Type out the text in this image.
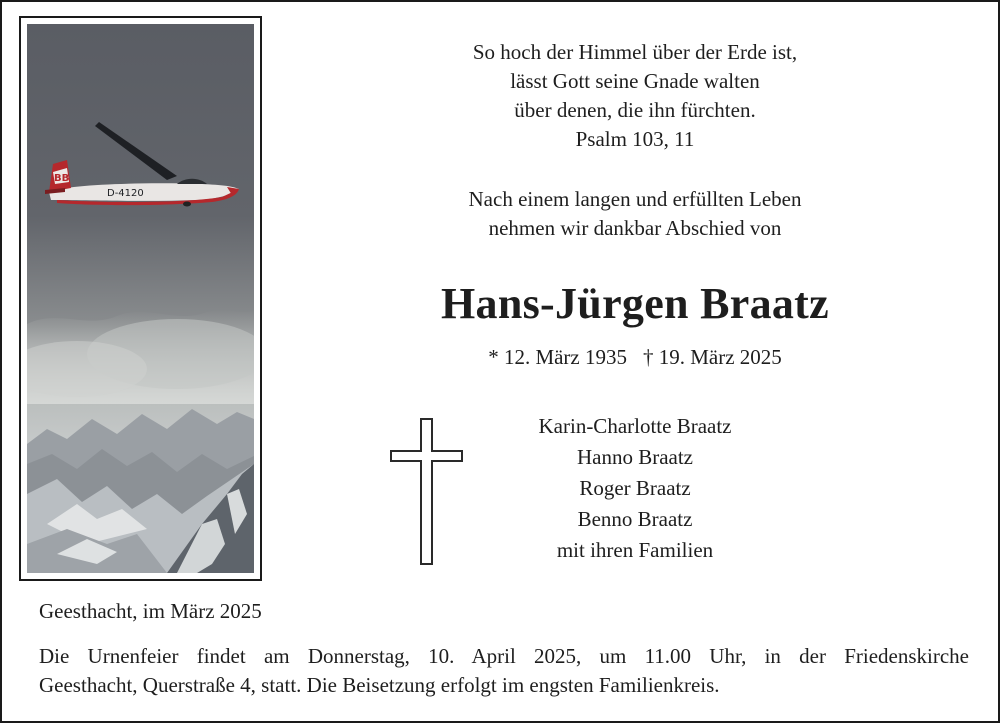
BB
D-4120
So hoch der Himmel über der Erde ist,
lässt Gott seine Gnade walten
über denen, die ihn fürchten.
Psalm 103, 11
Nach einem langen und erfüllten Leben
nehmen wir dankbar Abschied von
Hans-Jürgen Braatz
* 12. März 1935 † 19. März 2025
Karin-Charlotte Braatz
Hanno Braatz
Roger Braatz
Benno Braatz
mit ihren Familien
Geesthacht, im März 2025
Die Urnenfeier findet am Donnerstag, 10. April 2025, um 11.00 Uhr, in der Friedenskirche
Geesthacht, Querstraße 4, statt. Die Beisetzung erfolgt im engsten Familienkreis.
